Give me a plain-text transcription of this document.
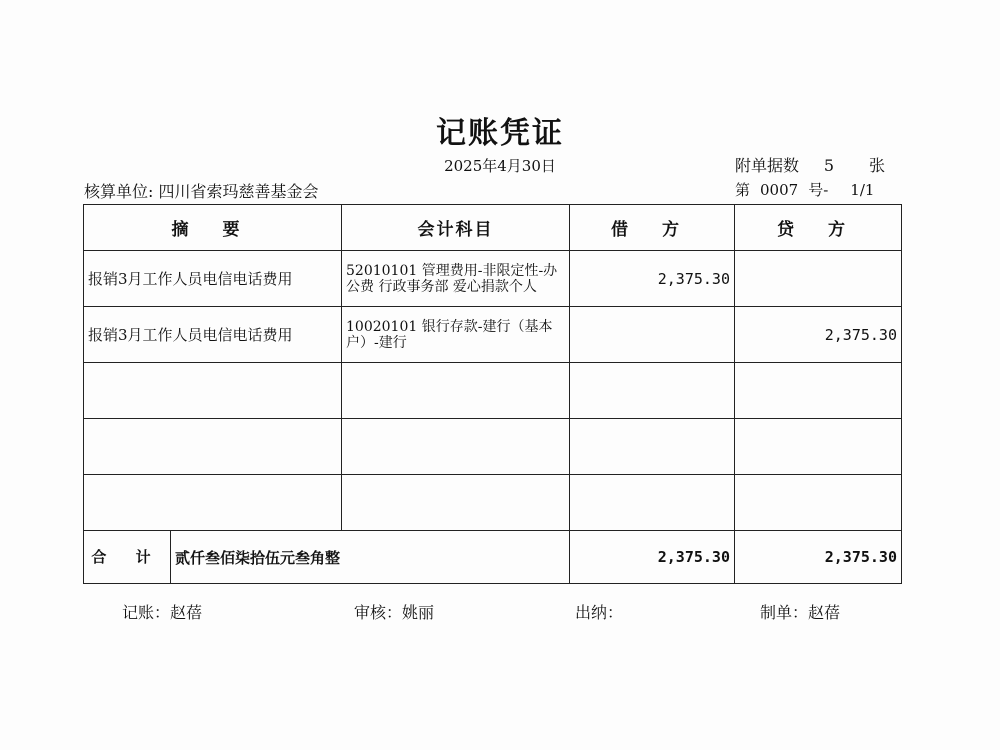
记账凭证
2025年4月30日	附单据数 5 张
核算单位: 四川省索玛慈善基金会	第 0007 号- 1/1
摘 要	会计科目	借 方	贷 方
报销3月工作人员电信电话费用	52010101 管理费用-非限定性-办公费 行政事务部 爱心捐款个人	2,375.30	
报销3月工作人员电信电话费用	10020101 银行存款-建行（基本户）-建行		2,375.30

合 计 贰仟叁佰柒拾伍元叁角整		2,375.30	2,375.30
记账：赵蓓	审核：姚丽	出纳：	制单：赵蓓
